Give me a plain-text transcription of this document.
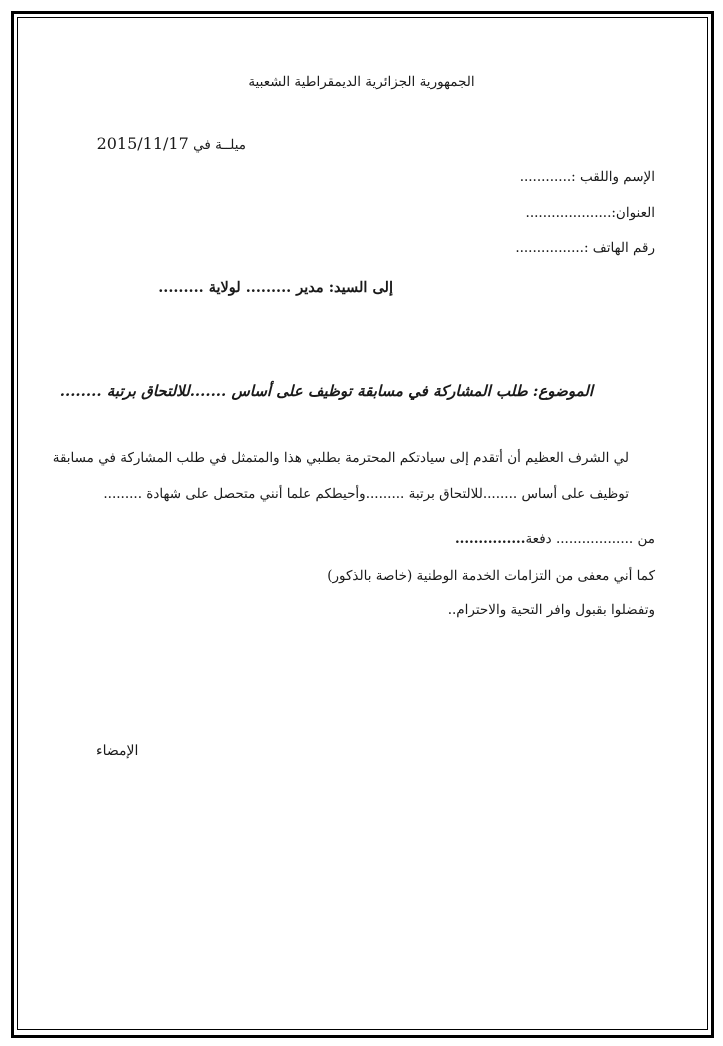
الجمهورية الجزائرية الديمقراطية الشعبية
ميلــة في 2015/11/17
الإسم واللقب :............
العنوان:....................
رقم الهاتف :................
إلى السيد: مدير ......... لولاية .........
الموضوع: طلب المشاركة في مسابقة توظيف على أساس .......للالتحاق برتبة ........
لي الشرف العظيم أن أتقدم إلى سيادتكم المحترمة بطلبي هذا والمتمثل في طلب المشاركة في مسابقة
توظيف على أساس ........للالتحاق برتبة .........وأحيطكم علما أنني متحصل على شهادة .........
من .................. دفعة...............
كما أني معفى من التزامات الخدمة الوطنية (خاصة بالذكور)
وتفضلوا بقبول وافر التحية والاحترام..
الإمضاء
